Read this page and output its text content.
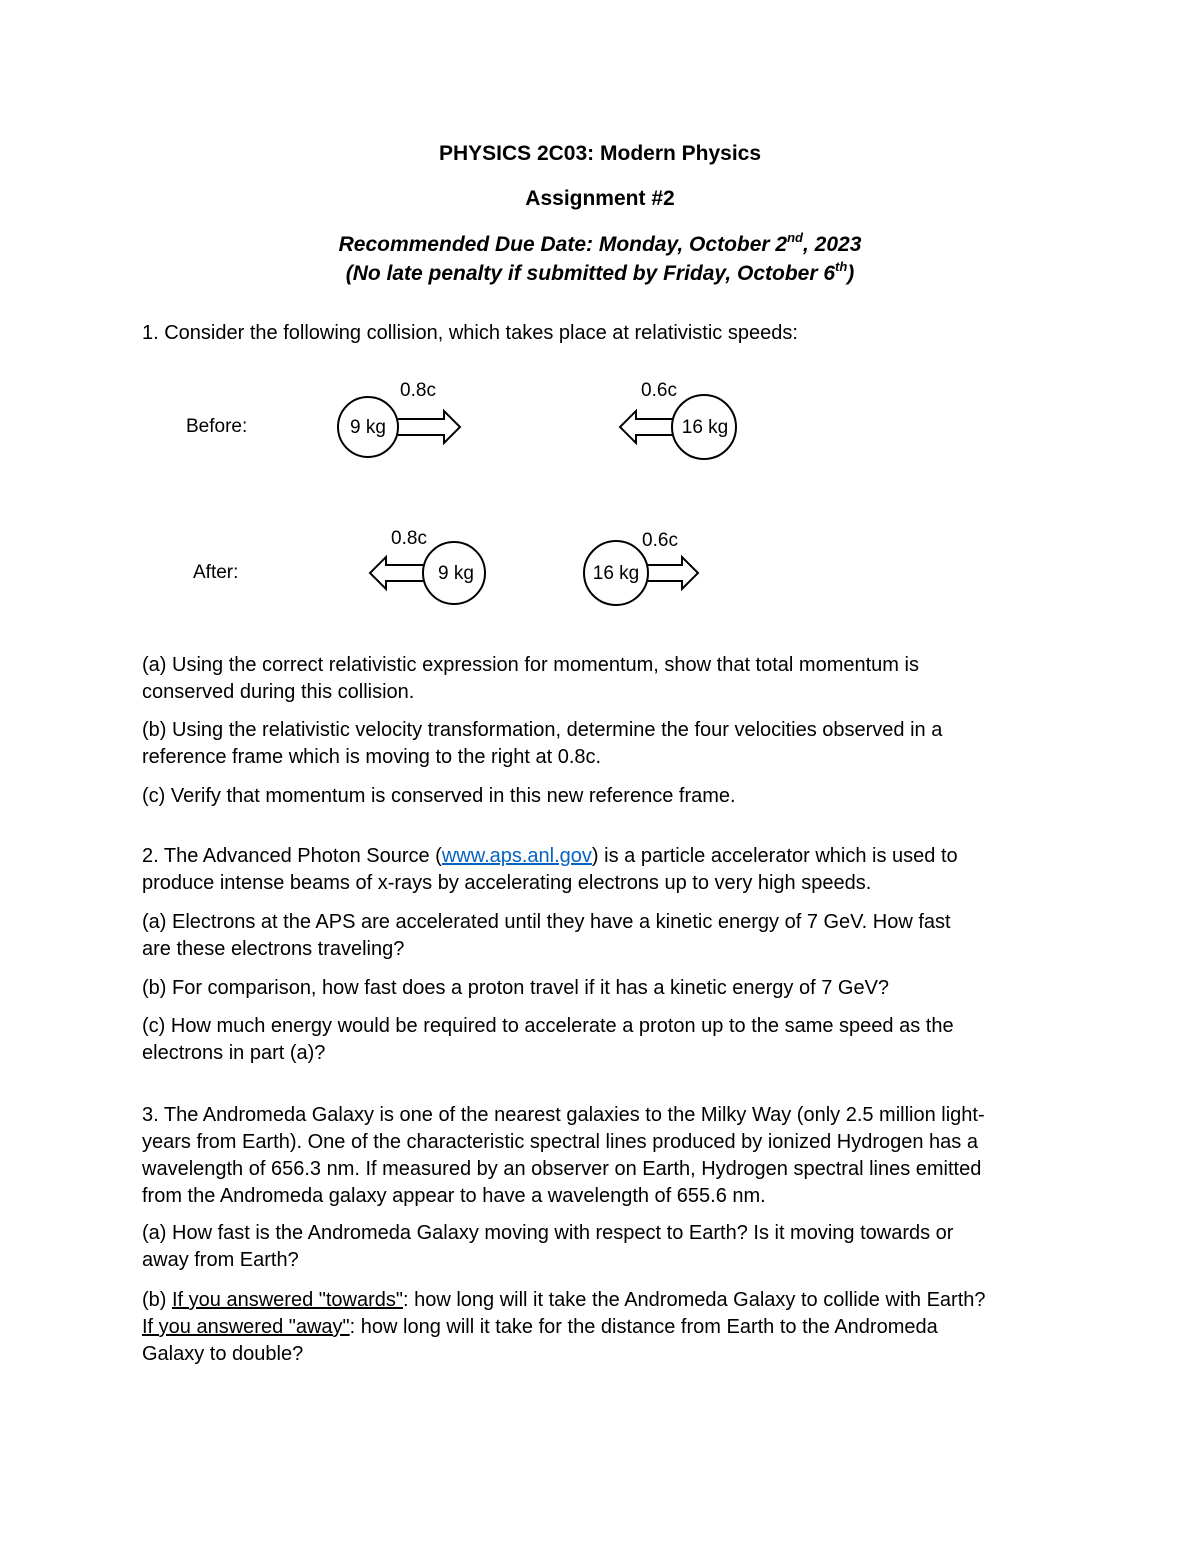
PHYSICS 2C03: Modern Physics
Assignment #2
Recommended Due Date: Monday, October 2nd, 2023
(No late penalty if submitted by Friday, October 6th)
1. Consider the following collision, which takes place at relativistic speeds:
Before:
After:
9 kg
0.8c
16 kg
0.6c
9 kg
0.8c
16 kg
0.6c
(a) Using the correct relativistic expression for momentum, show that total momentum is
conserved during this collision.
(b) Using the relativistic velocity transformation, determine the four velocities observed in a
reference frame which is moving to the right at 0.8c.
(c) Verify that momentum is conserved in this new reference frame.
2. The Advanced Photon Source (www.aps.anl.gov) is a particle accelerator which is used to
produce intense beams of x-rays by accelerating electrons up to very high speeds.
(a) Electrons at the APS are accelerated until they have a kinetic energy of 7 GeV. How fast
are these electrons traveling?
(b) For comparison, how fast does a proton travel if it has a kinetic energy of 7 GeV?
(c) How much energy would be required to accelerate a proton up to the same speed as the
electrons in part (a)?
3. The Andromeda Galaxy is one of the nearest galaxies to the Milky Way (only 2.5 million light-
years from Earth). One of the characteristic spectral lines produced by ionized Hydrogen has a
wavelength of 656.3 nm. If measured by an observer on Earth, Hydrogen spectral lines emitted
from the Andromeda galaxy appear to have a wavelength of 655.6 nm.
(a) How fast is the Andromeda Galaxy moving with respect to Earth? Is it moving towards or
away from Earth?
(b) If you answered "towards": how long will it take the Andromeda Galaxy to collide with Earth?
If you answered "away": how long will it take for the distance from Earth to the Andromeda
Galaxy to double?
